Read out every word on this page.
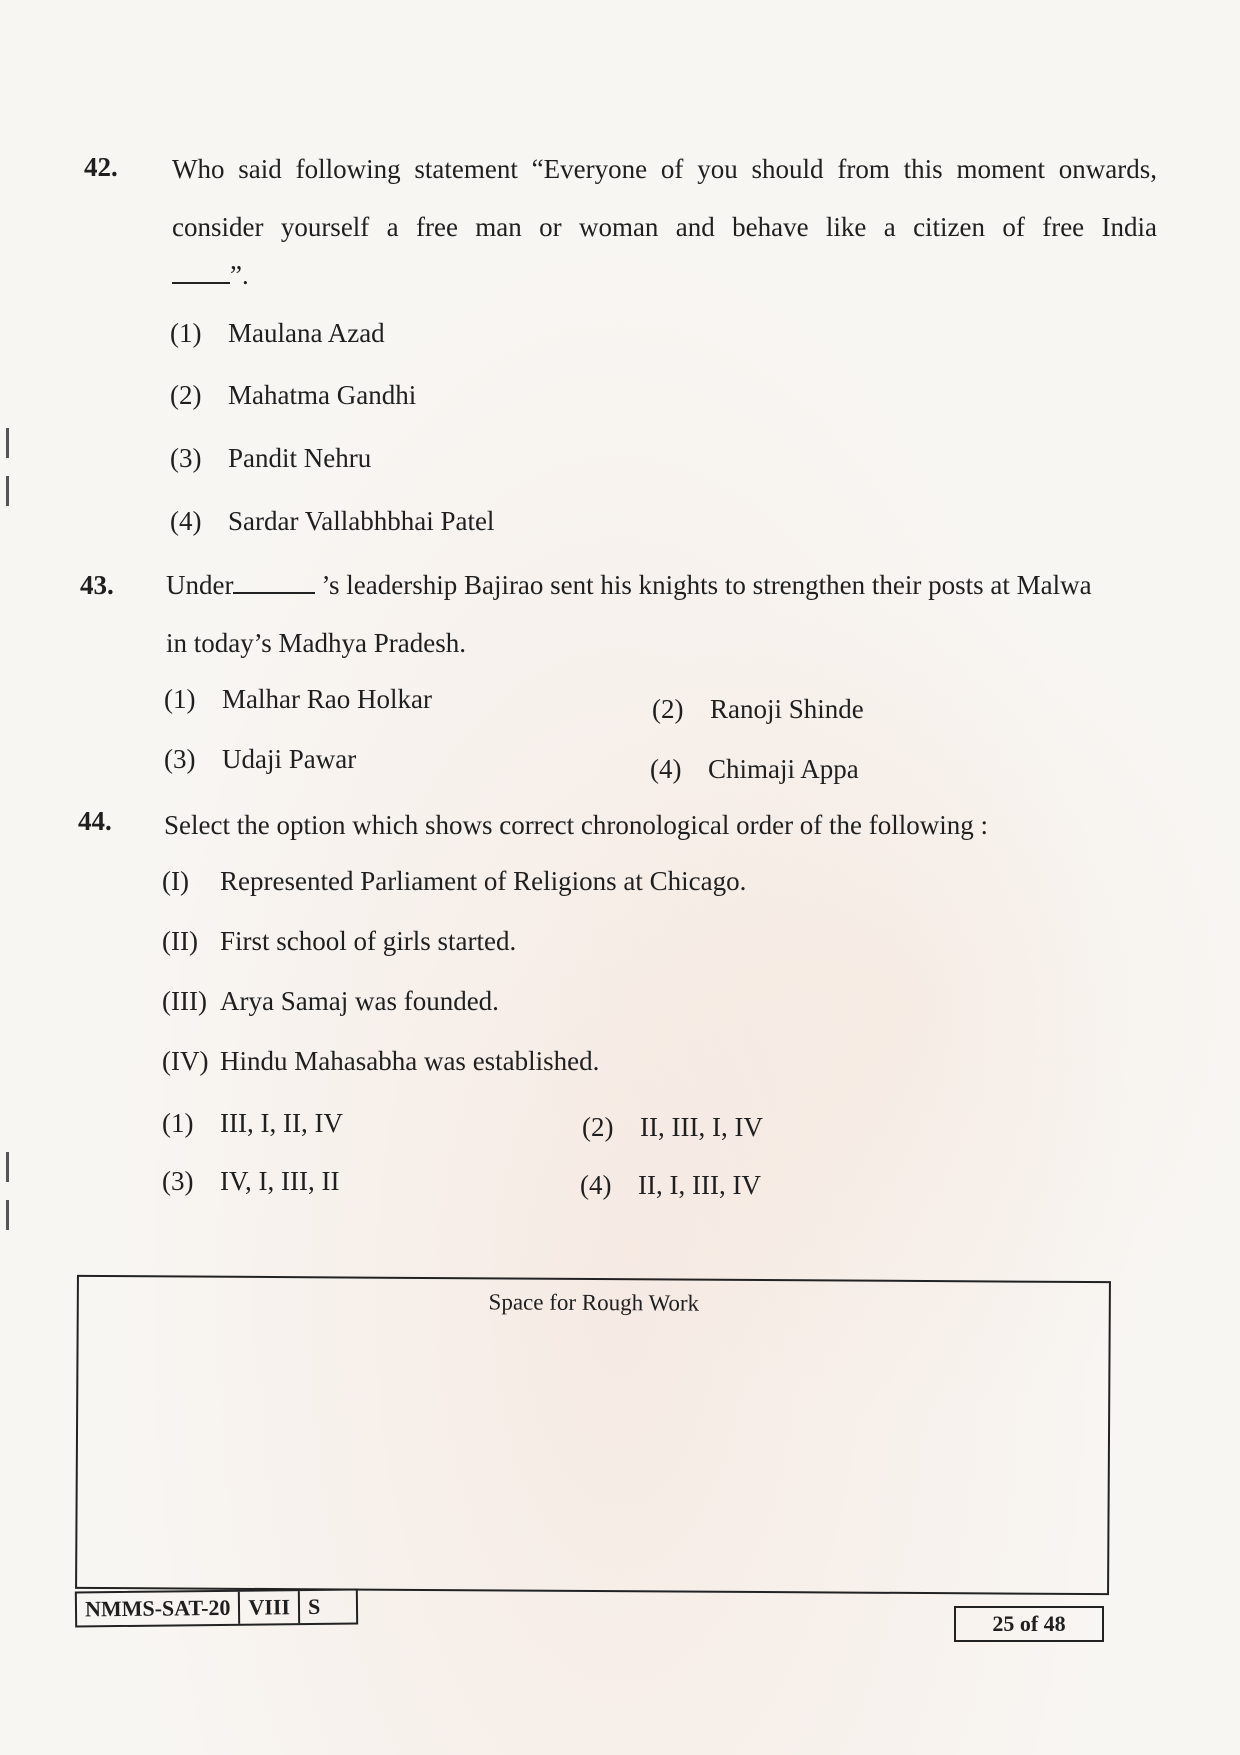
42. Who said following statement “Everyone of you should from this moment onwards,
consider yourself a free man or woman and behave like a citizen of free India
”.
(1) Maulana Azad
(2) Mahatma Gandhi
(3) Pandit Nehru
(4) Sardar Vallabhbhai Patel
43. Under	’s leadership Bajirao sent his knights to strengthen their posts at Malwa
in today’s Madhya Pradesh.
(1) Malhar Rao Holkar	(2) Ranoji Shinde
(3) Udaji Pawar	(4) Chimaji Appa
44. Select the option which shows correct chronological order of the following :
(I) Represented Parliament of Religions at Chicago.
(II) First school of girls started.
(III) Arya Samaj was founded.
(IV) Hindu Mahasabha was established.
(1) III, I, II, IV	(2) II, III, I, IV
(3) IV, I, III, II	(4) II, I, III, IV
Space for Rough Work
NMMS-SAT-20 VIII S
25 of 48
